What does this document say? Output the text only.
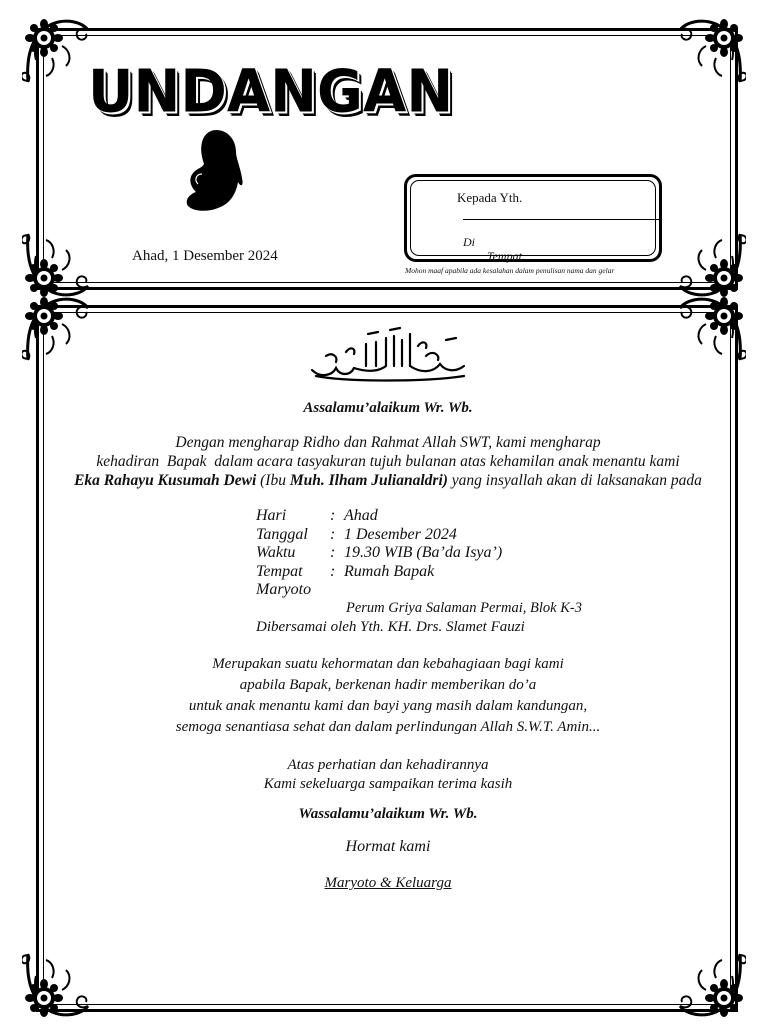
UNDANGAN
Ahad, 1 Desember 2024
Kepada Yth.
Di
Tempat.
Mohon maaf apabila ada kesalahan dalam penulisan nama dan gelar
بِسْمِ اللَّهِ الرَّحْمَنِ الرَّحِيم
Assalamu’alaikum Wr. Wb.
Dengan mengharap Ridho dan Rahmat Allah SWT, kami mengharap
kehadiran  Bapak  dalam acara tasyakuran tujuh bulanan atas kehamilan anak menantu kami
Eka Rahayu Kusumah Dewi (Ibu Muh. Ilham Julianaldri) yang insyallah akan di laksanakan pada
Hari	: Ahad
Tanggal : 1 Desember 2024
Waktu : 19.30 WIB (Ba’da Isya’)
Tempat : Rumah Bapak
Maryoto
Perum Griya Salaman Permai, Blok K-3
Dibersamai oleh Yth. KH. Drs. Slamet Fauzi
Merupakan suatu kehormatan dan kebahagiaan bagi kami
apabila Bapak, berkenan hadir memberikan do’a
untuk anak menantu kami dan bayi yang masih dalam kandungan,
semoga senantiasa sehat dan dalam perlindungan Allah S.W.T. Amin...
Atas perhatian dan kehadirannya
Kami sekeluarga sampaikan terima kasih
Wassalamu’alaikum Wr. Wb.
Hormat kami
Maryoto & Keluarga
